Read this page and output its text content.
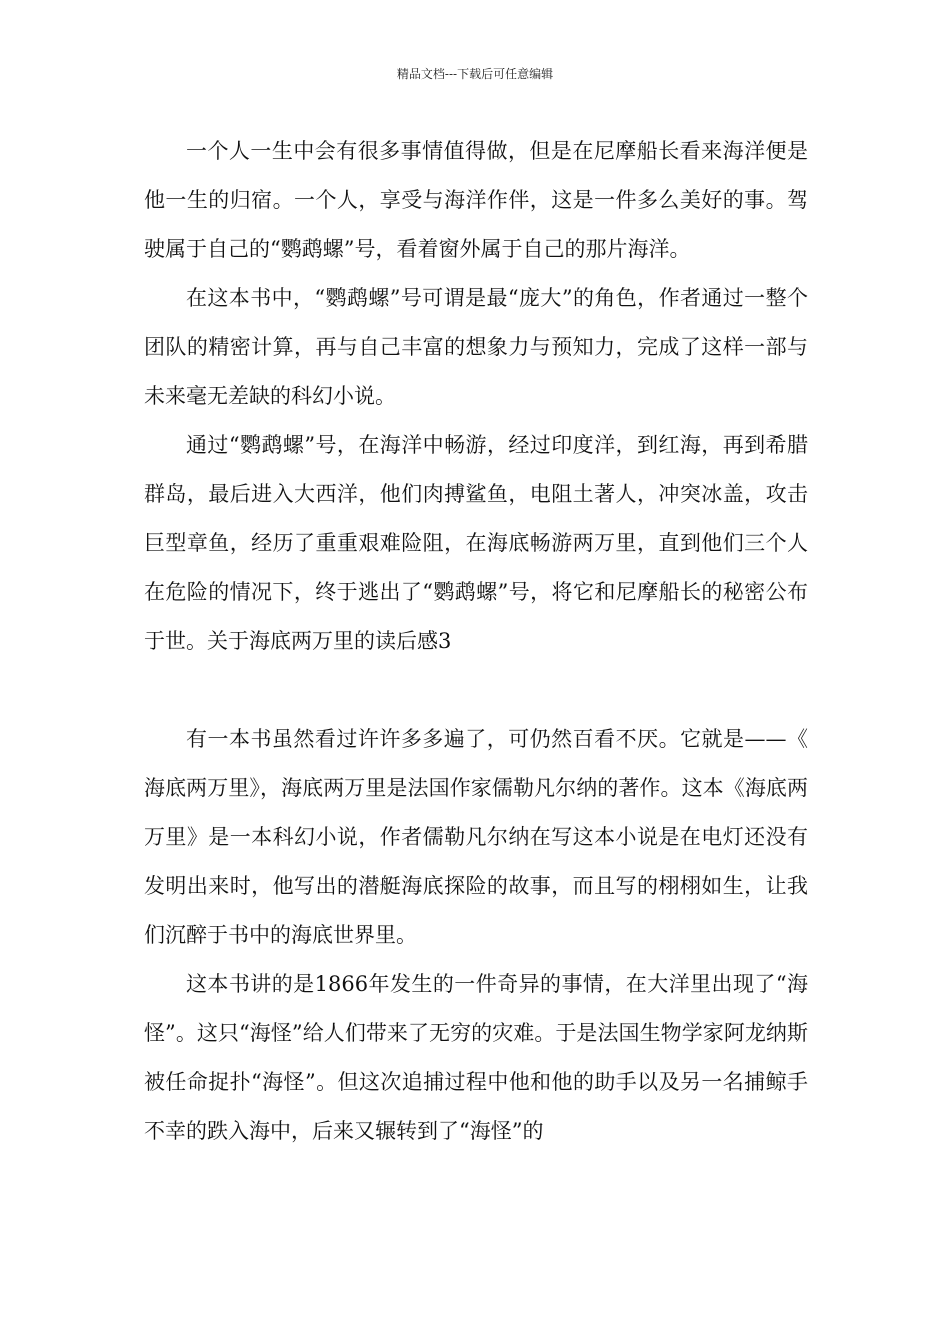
精品文档---下载后可任意编辑

一个人一生中会有很多事情值得做，但是在尼摩船长看来海洋便是他一生的归宿。一个人，享受与海洋作伴，这是一件多么美好的事。驾驶属于自己的“鹦鹉螺”号，看着窗外属于自己的那片海洋。

在这本书中，“鹦鹉螺”号可谓是最“庞大”的角色，作者通过一整个团队的精密计算，再与自己丰富的想象力与预知力，完成了这样一部与未来毫无差缺的科幻小说。

通过“鹦鹉螺”号，在海洋中畅游，经过印度洋，到红海，再到希腊群岛，最后进入大西洋，他们肉搏鲨鱼，电阻土著人，冲突冰盖，攻击巨型章鱼，经历了重重艰难险阻，在海底畅游两万里，直到他们三个人在危险的情况下，终于逃出了“鹦鹉螺”号，将它和尼摩船长的秘密公布于世。关于海底两万里的读后感3

有一本书虽然看过许许多多遍了，可仍然百看不厌。它就是——《海底两万里》，海底两万里是法国作家儒勒凡尔纳的著作。这本《海底两万里》是一本科幻小说，作者儒勒凡尔纳在写这本小说是在电灯还没有发明出来时，他写出的潜艇海底探险的故事，而且写的栩栩如生，让我们沉醉于书中的海底世界里。

这本书讲的是1866年发生的一件奇异的事情，在大洋里出现了“海怪”。这只“海怪”给人们带来了无穷的灾难。于是法国生物学家阿龙纳斯被任命捉扑“海怪”。但这次追捕过程中他和他的助手以及另一名捕鲸手不幸的跌入海中，后来又辗转到了“海怪”的
